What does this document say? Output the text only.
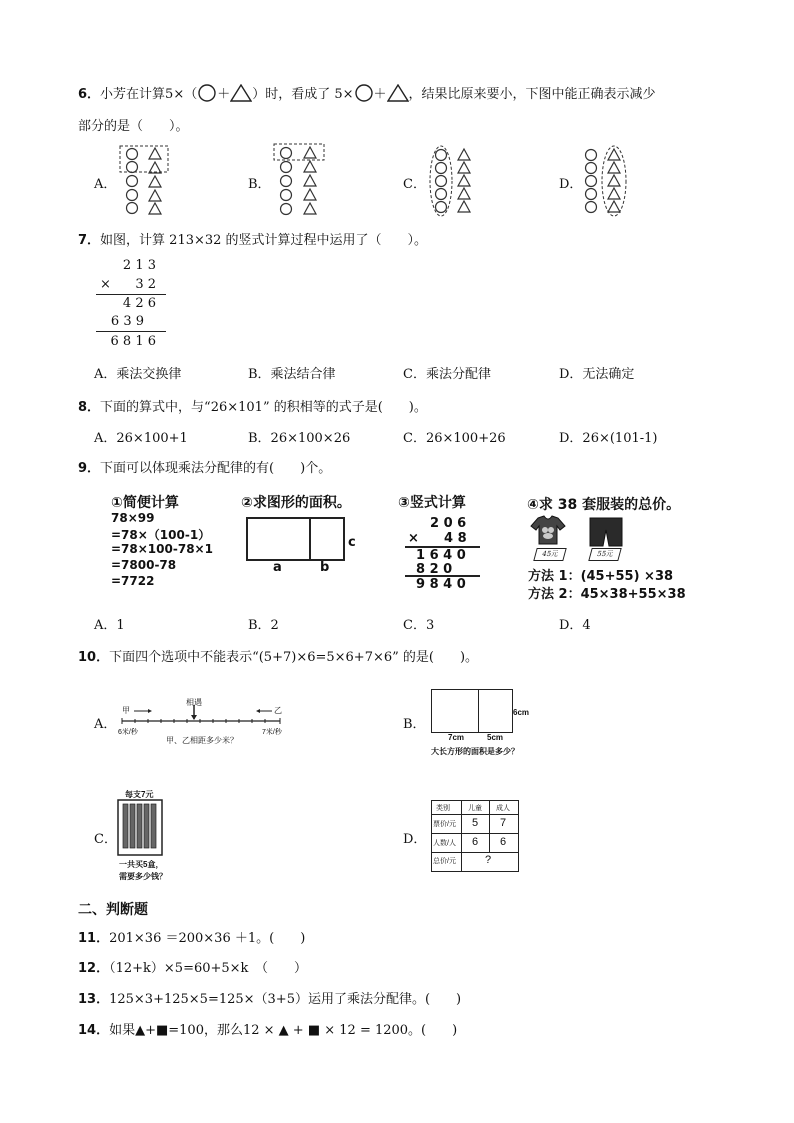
6．小芳在计算5×（ ＋ ）时，看成了 5× ＋ ，结果比原来要小，下图中能正确表示减少
部分的是（　　）。
A．	B．	C．	D．
7．如图，计算 213×32 的竖式计算过程中运用了（　　）。
2 1 3
× 3 2
4 2 6
6 3 9
6 8 1 6
A．乘法交换律	B．乘法结合律	C．乘法分配律	D．无法确定
8．下面的算式中，与“26×101” 的积相等的式子是(　　)。
A．26×100+1	B．26×100×26	C．26×100+26	D．26×(101-1)
9．下面可以体现乘法分配律的有(　　)个。
①简便计算
78×99
=78×（100-1）
=78×100-78×1
=7800-78
=7722
②求图形的面积。
a	b
c
③竖式计算
2 0 6
× 4 8
1 6 4 0
8 2 0
9 8 4 0
④求 38 套服装的总价。
45元	55元
方法 1：(45+55) ×38
方法 2：45×38+55×38
A．1	B．2	C．3	D．4
10．下面四个选项中不能表示“(5+7)×6=5×6+7×6” 的是(　　)。
A．
相遇
甲	乙
6米/秒	7米/秒
甲、乙相距多少米？
B．
6cm
7cm	5cm
大长方形的面积是多少？
C．
每支7元
一共买5盒，
需要多少钱？
D．
类别	儿童 成人
票价/元 5 7
人数/人 6 6
总价/元	?
二、判断题
11．201×36 ＝200×36 ＋1。(　　)
12．（12+k）×5=60+5×k　（　　）
13．125×3+125×5=125×（3+5）运用了乘法分配律。(　　)
14．如果▲+■=100，那么12 × ▲ + ■ × 12 = 1200。(　　)
